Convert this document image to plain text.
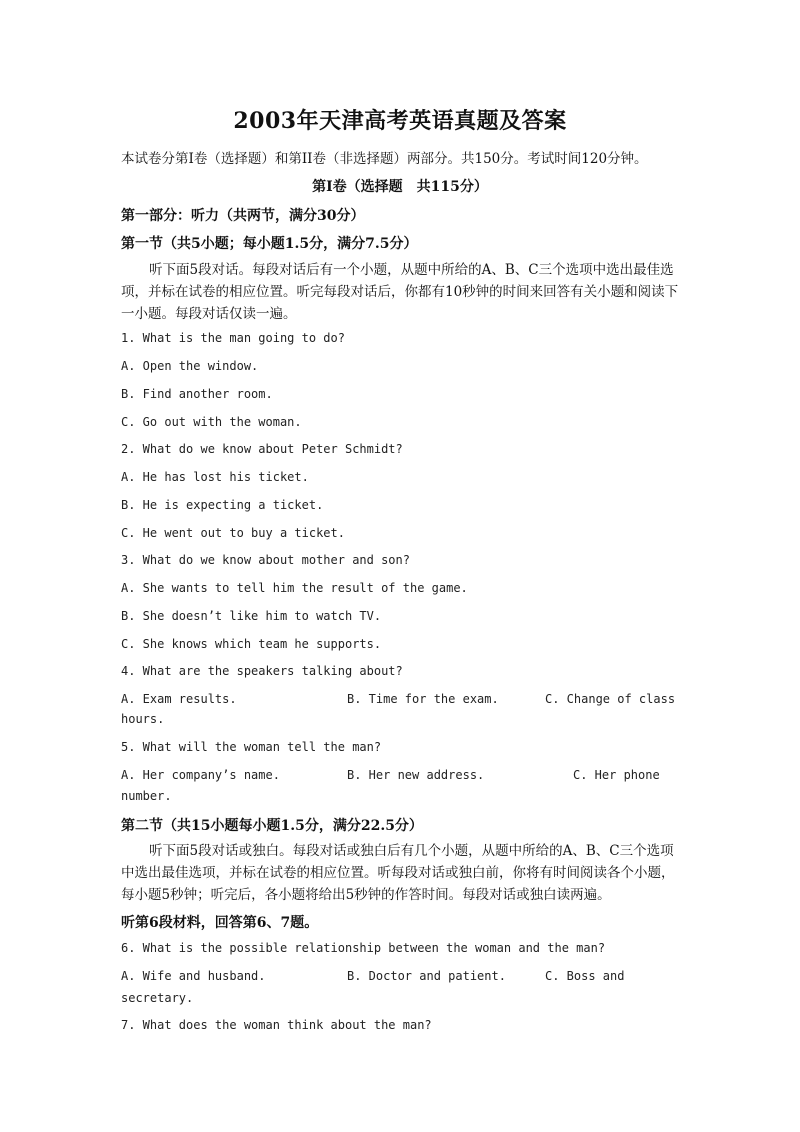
2003年天津高考英语真题及答案
本试卷分第I卷（选择题）和第II卷（非选择题）两部分。共150分。考试时间120分钟。
第I卷（选择题　共115分）
第一部分：听力（共两节，满分30分）
第一节（共5小题；每小题1.5分，满分7.5分）
听下面5段对话。每段对话后有一个小题，从题中所给的A、B、C三个选项中选出最佳选项，并标在试卷的相应位置。听完每段对话后，你都有10秒钟的时间来回答有关小题和阅读下一小题。每段对话仅读一遍。
1. What is the man going to do?
A. Open the window.
B. Find another room.
C. Go out with the woman.
2. What do we know about Peter Schmidt?
A. He has lost his ticket.
B. He is expecting a ticket.
C. He went out to buy a ticket.
3. What do we know about mother and son?
A. She wants to tell him the result of the game.
B. She doesn’t like him to watch TV.
C. She knows which team he supports.
4. What are the speakers talking about?
A. Exam results.	B. Time for the exam.	C. Change of class
hours.
5. What will the woman tell the man?
A. Her company’s name.	B. Her new address.	C. Her phone
number.
第二节（共15小题每小题1.5分，满分22.5分）
听下面5段对话或独白。每段对话或独白后有几个小题，从题中所给的A、B、C三个选项中选出最佳选项，并标在试卷的相应位置。听每段对话或独白前，你将有时间阅读各个小题，每小题5秒钟；听完后，各小题将给出5秒钟的作答时间。每段对话或独白读两遍。
听第6段材料，回答第6、7题。
6. What is the possible relationship between the woman and the man?
A. Wife and husband.	B. Doctor and patient.	C. Boss and
secretary.
7. What does the woman think about the man?
